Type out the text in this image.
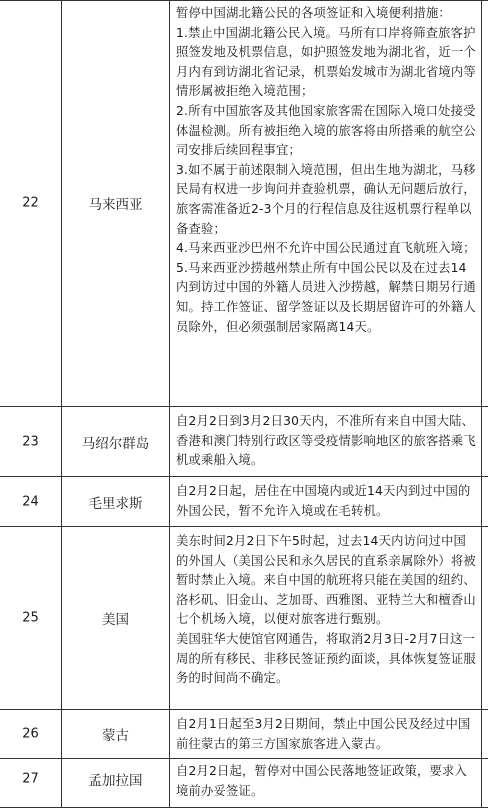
22	马来西亚

暂停中国湖北籍公民的各项签证和入境便利措施：

1.禁止中国湖北籍公民入境。马所有口岸将筛查旅客护照签发地及机票信息，如护照签发地为湖北省，近一个月内有到访湖北省记录，机票始发城市为湖北省境内等情形属被拒绝入境范围；

2.所有中国旅客及其他国家旅客需在国际入境口处接受体温检测。所有被拒绝入境的旅客将由所搭乘的航空公司安排后续回程事宜；

3.如不属于前述限制入境范围，但出生地为湖北，马移民局有权进一步询问并查验机票，确认无问题后放行，旅客需准备近2-3个月的行程信息及往返机票行程单以备查验；

4.马来西亚沙巴州不允许中国公民通过直飞航班入境；

5.马来西亚沙捞越州禁止所有中国公民以及在过去14内到访过中国的外籍人员进入沙捞越，解禁日期另行通知。持工作签证、留学签证以及长期居留许可的外籍人员除外，但必须强制居家隔离14天。

23	马绍尔群岛

自2月2日到3月2日30天内，不准所有来自中国大陆、香港和澳门特别行政区等受疫情影响地区的旅客搭乘飞机或乘船入境。

24	毛里求斯

自2月2日起，居住在中国境内或近14天内到过中国的外国公民，暂不允许入境或在毛转机。

25	美国

美东时间2月2日下午5时起，过去14天内访问过中国的外国人（美国公民和永久居民的直系亲属除外）将被暂时禁止入境。来自中国的航班将只能在美国的纽约、洛杉矶、旧金山、芝加哥、西雅图、亚特兰大和檀香山七个机场入境，以便对旅客进行甄别。

美国驻华大使馆官网通告，将取消2月3日-2月7日这一周的所有移民、非移民签证预约面谈，具体恢复签证服务的时间尚不确定。

26	蒙古

自2月1日起至3月2日期间，禁止中国公民及经过中国前往蒙古的第三方国家旅客进入蒙古。

27	孟加拉国

自2月2日起，暂停对中国公民落地签证政策，要求入境前办妥签证。
